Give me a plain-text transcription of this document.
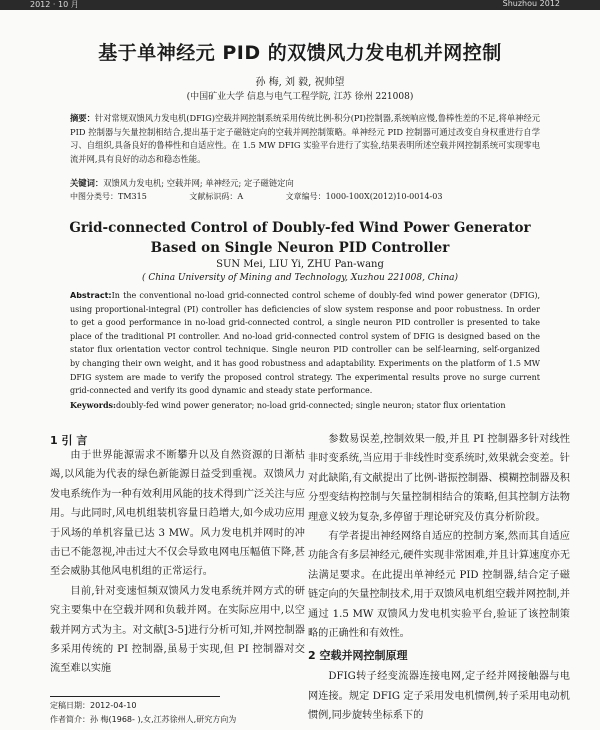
2012 · 10 月	Shuzhou 2012
基于单神经元 PID 的双馈风力发电机并网控制
孙 梅, 刘 毅, 祝帅望
(中国矿业大学 信息与电气工程学院, 江苏 徐州 221008)
摘要：针对常规双馈风力发电机(DFIG)空载并网控制系统采用传统比例-积分(PI)控制器,系统响应慢,鲁棒性差的不足,将单神经元 PID 控制器与矢量控制相结合,提出基于定子磁链定向的空载并网控制策略。单神经元 PID 控制器可通过改变自身权重进行自学习、自组织,具备良好的鲁棒性和自适应性。在 1.5 MW DFIG 实验平台进行了实验,结果表明所述空载并网控制系统可实现零电流并网,具有良好的动态和稳态性能。
关键词：双馈风力发电机; 空载并网; 单神经元; 定子磁链定向
中图分类号：TM315	文献标识码：A	文章编号：1000-100X(2012)10-0014-03
Grid-connected Control of Doubly-fed Wind Power Generator
Based on Single Neuron PID Controller
SUN Mei, LIU Yi, ZHU Pan-wang
( China University of Mining and Technology, Xuzhou 221008, China)
Abstract:In the conventional no-load grid-connected control scheme of doubly-fed wind power generator (DFIG), using proportional-integral (PI) controller has deficiencies of slow system response and poor robustness. In order to get a good performance in no-load grid-connected control, a single neuron PID controller is presented to take place of the traditional PI controller. And no-load grid-connected control system of DFIG is designed based on the stator flux orientation vector control technique. Single neuron PID controller can be self-learning, self-organized by changing their own weight, and it has good robustness and adaptability. Experiments on the platform of 1.5 MW DFIG system are made to verify the proposed control strategy. The experimental results prove no surge current grid-connected and verify its good dynamic and steady state performance.
Keywords:doubly-fed wind power generator; no-load grid-connected; single neuron; stator flux orientation
1 引 言

由于世界能源需求不断攀升以及自然资源的日渐枯竭,以风能为代表的绿色新能源日益受到重视。双馈风力发电系统作为一种有效利用风能的技术得到广泛关注与应用。与此同时,风电机组装机容量日趋增大,如今成功应用于风场的单机容量已达 3 MW。风力发电机并网时的冲击已不能忽视,冲击过大不仅会导致电网电压幅值下降,甚至会威胁其他风电机组的正常运行。

目前,针对变速恒频双馈风力发电系统并网方式的研究主要集中在空载并网和负载并网。在实际应用中,以空载并网方式为主。对文献[3-5]进行分析可知,并网控制器多采用传统的 PI 控制器,虽易于实现,但 PI 控制器对交流至难以实施

参数易误差,控制效果一般,并且 PI 控制器多针对线性非时变系统,当应用于非线性时变系统时,效果就会变差。针对此缺陷,有文献提出了比例-谐振控制器、模糊控制器及积分型变结构控制与矢量控制相结合的策略,但其控制方法物理意义较为复杂,多停留于理论研究及仿真分析阶段。

有学者提出神经网络自适应的控制方案,然而其自适应功能含有多层神经元,硬件实现非常困难,并且计算速度亦无法满足要求。在此提出单神经元 PID 控制器,结合定子磁链定向的矢量控制技术,用于双馈风电机组空载并网控制,并通过 1.5 MW 双馈风力发电机实验平台,验证了该控制策略的正确性和有效性。

2 空载并网控制原理

DFIG转子经变流器连接电网,定子经并网接触器与电网连接。规定 DFIG 定子采用发电机惯例,转子采用电动机惯例,同步旋转坐标系下的

定稿日期：2012-04-10
作者简介：孙 梅(1968- ),女,江苏徐州人,研究方向为
